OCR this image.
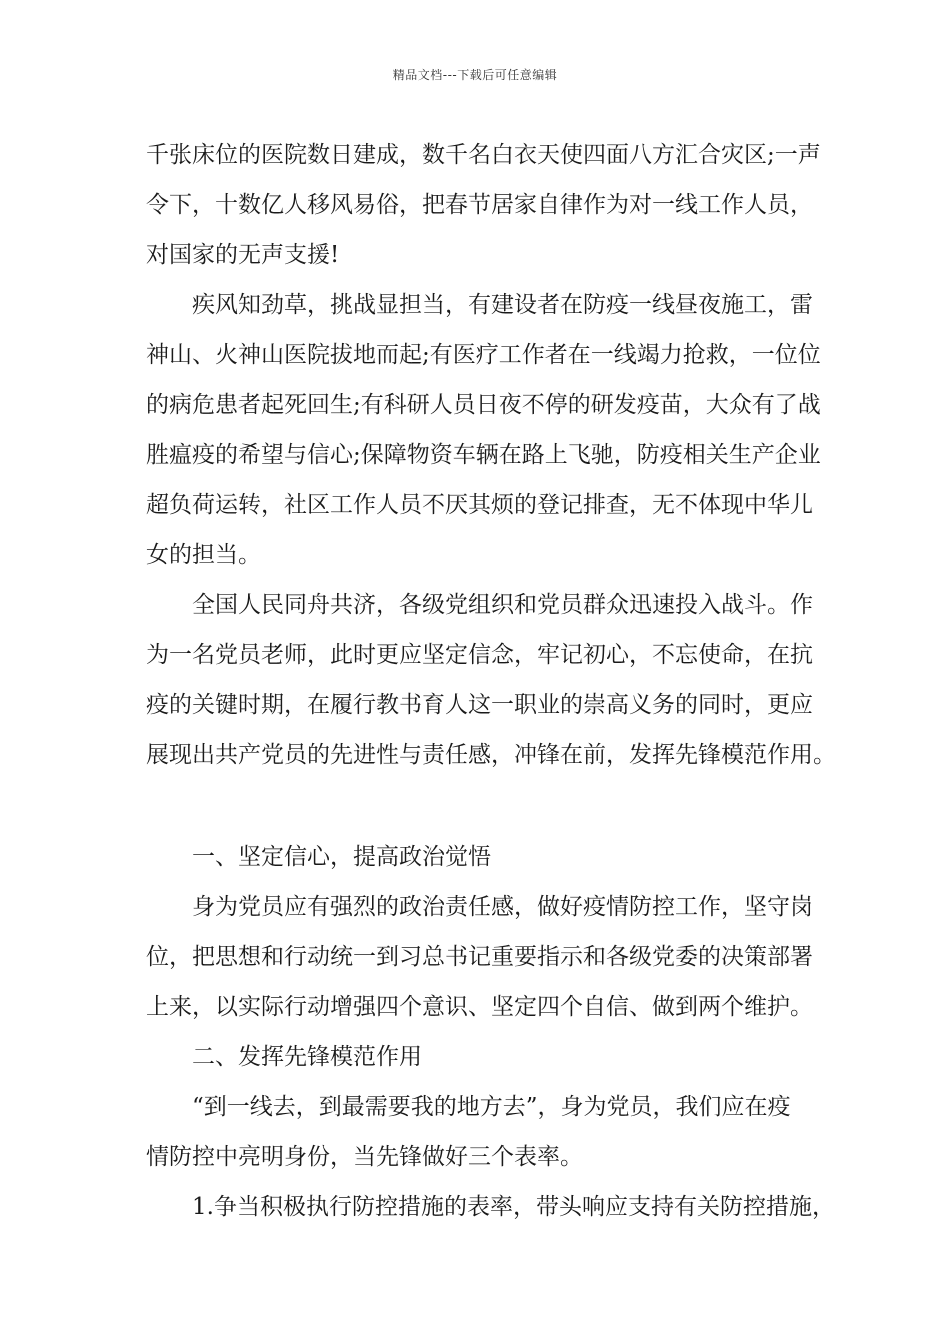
精品文档---下载后可任意编辑
千张床位的医院数日建成，数千名白衣天使四面八方汇合灾区;一声
令下，十数亿人移风易俗，把春节居家自律作为对一线工作人员，
对国家的无声支援!
疾风知劲草，挑战显担当，有建设者在防疫一线昼夜施工，雷
神山、火神山医院拔地而起;有医疗工作者在一线竭力抢救，一位位
的病危患者起死回生;有科研人员日夜不停的研发疫苗，大众有了战
胜瘟疫的希望与信心;保障物资车辆在路上飞驰，防疫相关生产企业
超负荷运转，社区工作人员不厌其烦的登记排查，无不体现中华儿
女的担当。
全国人民同舟共济，各级党组织和党员群众迅速投入战斗。作
为一名党员老师，此时更应坚定信念，牢记初心，不忘使命，在抗
疫的关键时期，在履行教书育人这一职业的崇高义务的同时，更应
展现出共产党员的先进性与责任感，冲锋在前，发挥先锋模范作用。
一、坚定信心，提高政治觉悟
身为党员应有强烈的政治责任感，做好疫情防控工作，坚守岗
位，把思想和行动统一到习总书记重要指示和各级党委的决策部署
上来，以实际行动增强四个意识、坚定四个自信、做到两个维护。
二、发挥先锋模范作用
“到一线去，到最需要我的地方去”，身为党员，我们应在疫
情防控中亮明身份，当先锋做好三个表率。
1.争当积极执行防控措施的表率，带头响应支持有关防控措施，
